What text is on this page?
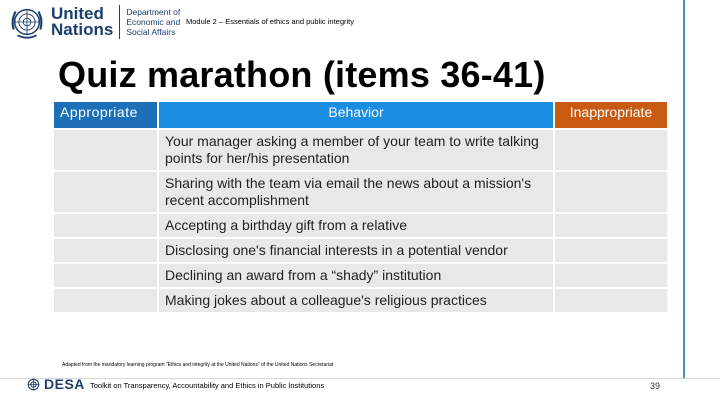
United
Nations
Department of
Economic and
Social Affairs
Module 2 – Essentials of ethics and public integrity
Quiz marathon (items 36-41)
Appropriate	Behavior	Inappropriate
	Your manager asking a member of your team to write talking points for her/his presentation	
	Sharing with the team via email the news about a mission's recent accomplishment	
	Accepting a birthday gift from a relative	
	Disclosing one's financial interests in a potential vendor	
	Declining an award from a “shady” institution	
	Making jokes about a colleague's religious practices	
Adapted from the mandatory learning program “Ethics and integrity at the United Nations” of the United Nations Secretariat
DESA Toolkit on Transparency, Accountability and Ethics in Public Institutions	39
